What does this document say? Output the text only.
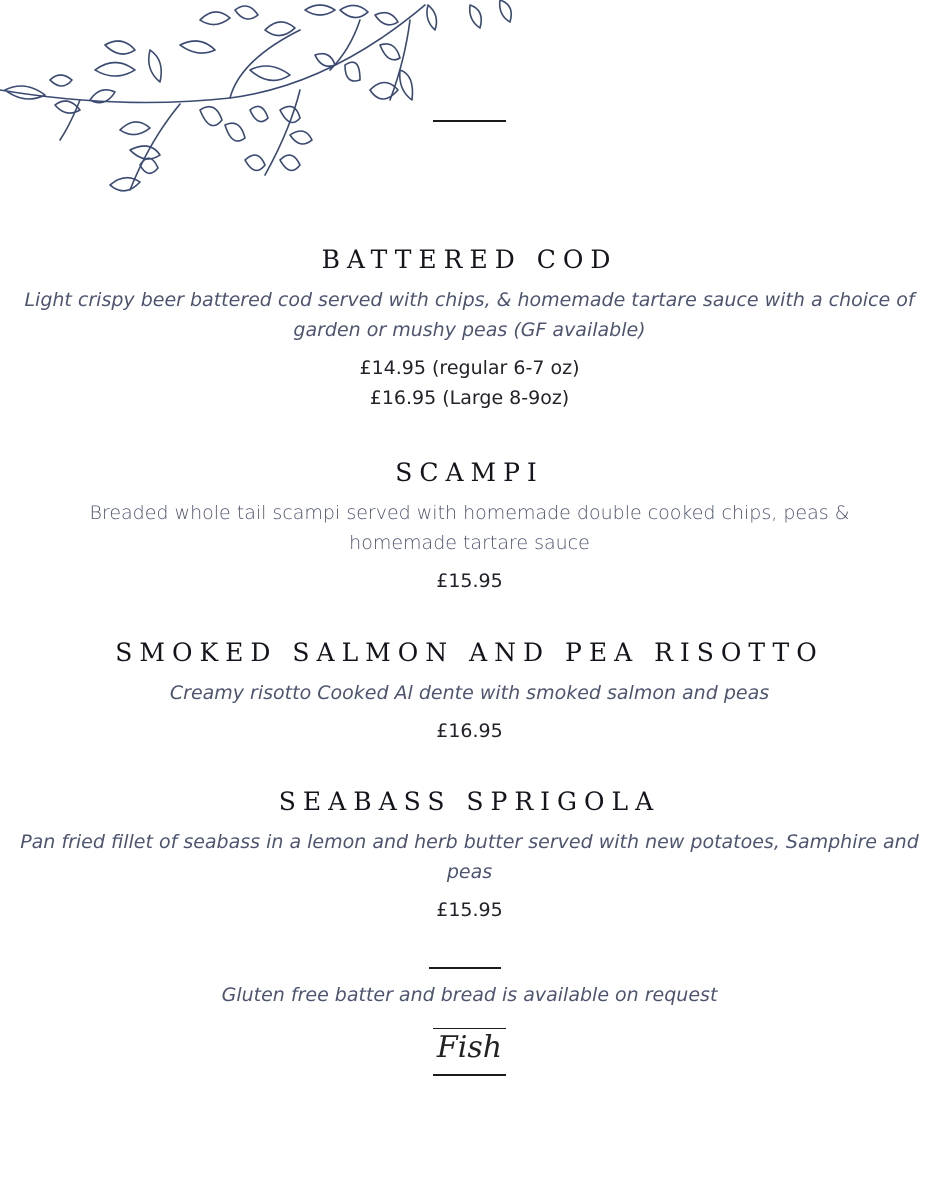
BATTERED COD

Light crispy beer battered cod served with chips, & homemade tartare sauce with a choice of garden or mushy peas (GF available)

£14.95 (regular 6-7 oz)
£16.95 (Large 8-9oz)
SCAMPI

Breaded whole tail scampi served with homemade double cooked chips, peas & homemade tartare sauce

£15.95
SMOKED SALMON AND PEA RISOTTO

Creamy risotto Cooked Al dente with smoked salmon and peas

£16.95
SEABASS SPRIGOLA

Pan fried fillet of seabass in a lemon and herb butter served with new potatoes, Samphire and peas

£15.95
Gluten free batter and bread is available on request
Fish
